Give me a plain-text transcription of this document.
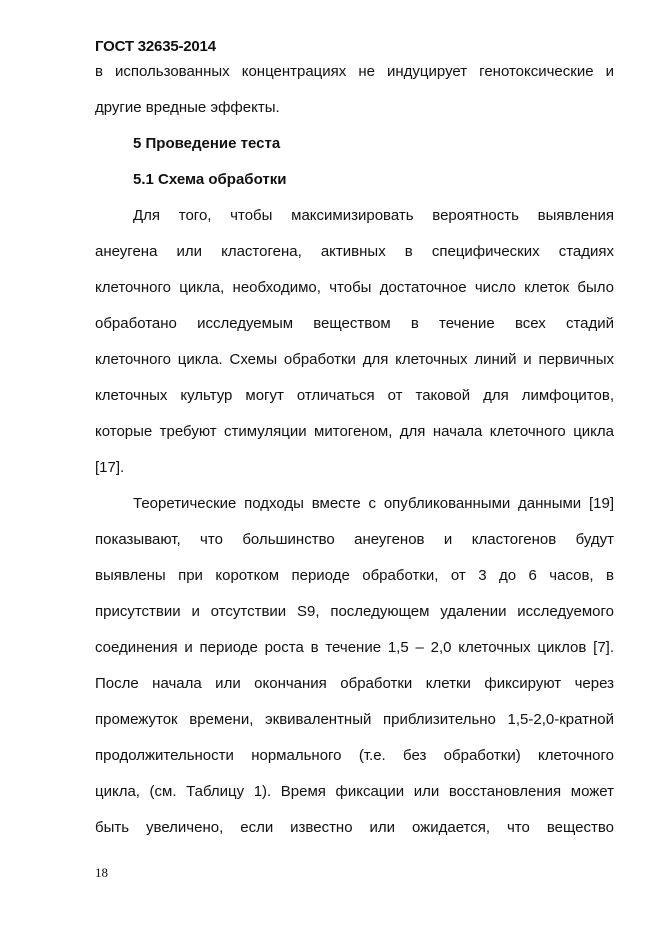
ГОСТ 32635-2014
в использованных концентрациях не индуцирует генотоксические и
другие вредные эффекты.
5 Проведение теста
5.1 Схема обработки
Для того, чтобы максимизировать вероятность выявления
анеугена или кластогена, активных в специфических стадиях
клеточного цикла, необходимо, чтобы достаточное число клеток было
обработано исследуемым веществом в течение всех стадий
клеточного цикла. Схемы обработки для клеточных линий и первичных
клеточных культур могут отличаться от таковой для лимфоцитов,
которые требуют стимуляции митогеном, для начала клеточного цикла
[17].
Теоретические подходы вместе с опубликованными данными [19]
показывают, что большинство анеугенов и кластогенов будут
выявлены при коротком периоде обработки, от 3 до 6 часов, в
присутствии и отсутствии S9, последующем удалении исследуемого
соединения и периоде роста в течение 1,5 – 2,0 клеточных циклов [7].
После начала или окончания обработки клетки фиксируют через
промежуток времени, эквивалентный приблизительно 1,5-2,0-кратной
продолжительности нормального (т.е. без обработки) клеточного
цикла, (см. Таблицу 1). Время фиксации или восстановления может
быть увеличено, если известно или ожидается, что вещество
18
